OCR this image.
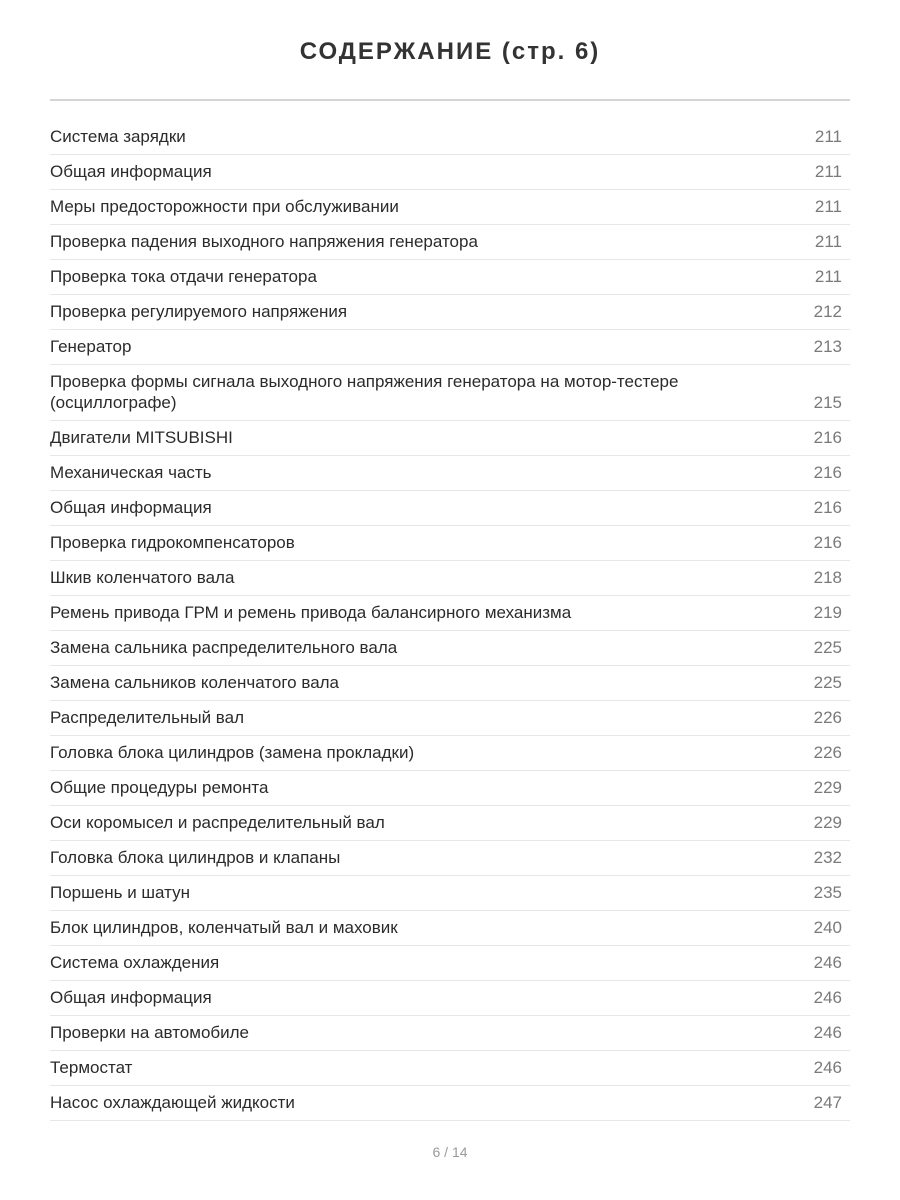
СОДЕРЖАНИЕ (стр. 6)
Система зарядки	211
Общая информация	211
Меры предосторожности при обслуживании	211
Проверка падения выходного напряжения генератора	211
Проверка тока отдачи генератора	211
Проверка регулируемого напряжения	212
Генератор	213
Проверка формы сигнала выходного напряжения генератора на мотор-тестере (осциллографе)	215
Двигатели MITSUBISHI	216
Механическая часть	216
Общая информация	216
Проверка гидрокомпенсаторов	216
Шкив коленчатого вала	218
Ремень привода ГРМ и ремень привода балансирного механизма	219
Замена сальника распределительного вала	225
Замена сальников коленчатого вала	225
Распределительный вал	226
Головка блока цилиндров (замена прокладки)	226
Общие процедуры ремонта	229
Оси коромысел и распределительный вал	229
Головка блока цилиндров и клапаны	232
Поршень и шатун	235
Блок цилиндров, коленчатый вал и маховик	240
Система охлаждения	246
Общая информация	246
Проверки на автомобиле	246
Термостат	246
Насос охлаждающей жидкости	247
6 / 14
